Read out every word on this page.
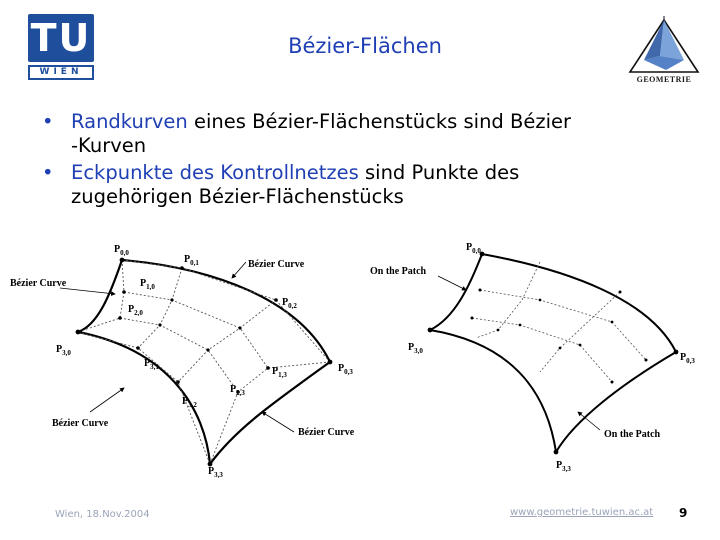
TU
WIEN
Bézier-Flächen
GEOMETRIE
• Randkurven eines Bézier-Flächenstücks sind Bézier
-Kurven
• Eckpunkte des Kontrollnetzes sind Punkte des
zugehörigen Bézier-Flächenstücks
Bézier Curve
Bézier Curve
Bézier Curve
Bézier Curve
$P_{0,0}$
$P_{0,1}$
$P_{0,2}$
$P_{0,3}$
$P_{1,0}$
$P_{2,0}$
$P_{3,0}$
$P_{3,1}$
$P_{3,2}$
$P_{3,3}$
$P_{1,3}$
$P_{2,3}$
On the Patch
On the Patch
$P_{0,0}$
$P_{3,0}$
$P_{0,3}$
$P_{3,3}$
Wien, 18.Nov.2004	www.geometrie.tuwien.ac.at 9
